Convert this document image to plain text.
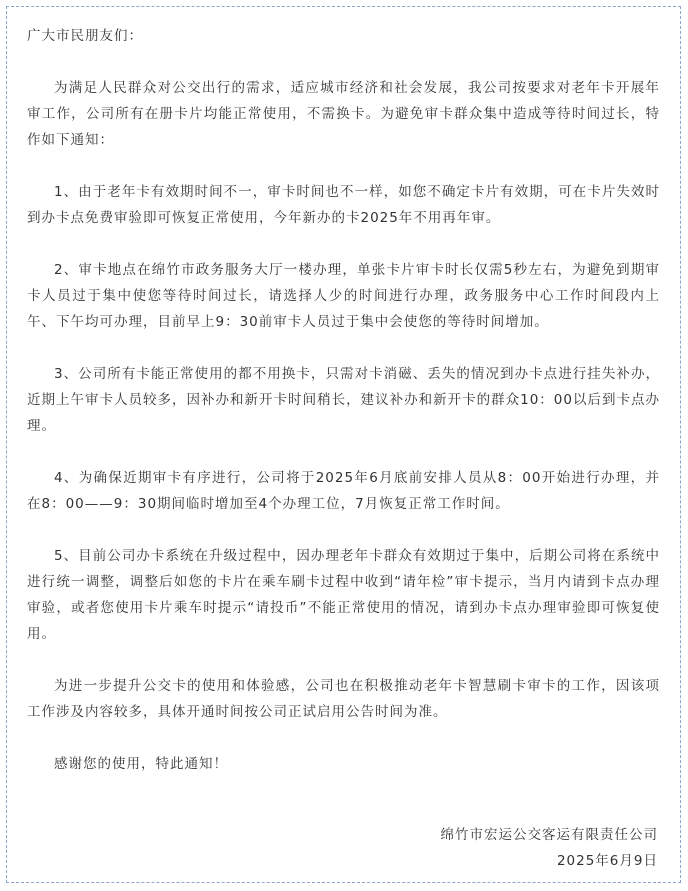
广大市民朋友们：

为满足人民群众对公交出行的需求，适应城市经济和社会发展，我公司按要求对老年卡开展年审工作，公司所有在册卡片均能正常使用，不需换卡。为避免审卡群众集中造成等待时间过长，特作如下通知：

1、由于老年卡有效期时间不一，审卡时间也不一样，如您不确定卡片有效期，可在卡片失效时到办卡点免费审验即可恢复正常使用，今年新办的卡2025年不用再年审。

2、审卡地点在绵竹市政务服务大厅一楼办理，单张卡片审卡时长仅需5秒左右，为避免到期审卡人员过于集中使您等待时间过长，请选择人少的时间进行办理，政务服务中心工作时间段内上午、下午均可办理，目前早上9：30前审卡人员过于集中会使您的等待时间增加。

3、公司所有卡能正常使用的都不用换卡，只需对卡消磁、丢失的情况到办卡点进行挂失补办，近期上午审卡人员较多，因补办和新开卡时间稍长，建议补办和新开卡的群众10：00以后到卡点办理。

4、为确保近期审卡有序进行，公司将于2025年6月底前安排人员从8：00开始进行办理，并在8：00——9：30期间临时增加至4个办理工位，7月恢复正常工作时间。

5、目前公司办卡系统在升级过程中，因办理老年卡群众有效期过于集中，后期公司将在系统中进行统一调整，调整后如您的卡片在乘车刷卡过程中收到“请年检”审卡提示，当月内请到卡点办理审验，或者您使用卡片乘车时提示“请投币”不能正常使用的情况，请到办卡点办理审验即可恢复使用。

为进一步提升公交卡的使用和体验感，公司也在积极推动老年卡智慧刷卡审卡的工作，因该项工作涉及内容较多，具体开通时间按公司正试启用公告时间为准。

感谢您的使用，特此通知！

绵竹市宏运公交客运有限责任公司
2025年6月9日
